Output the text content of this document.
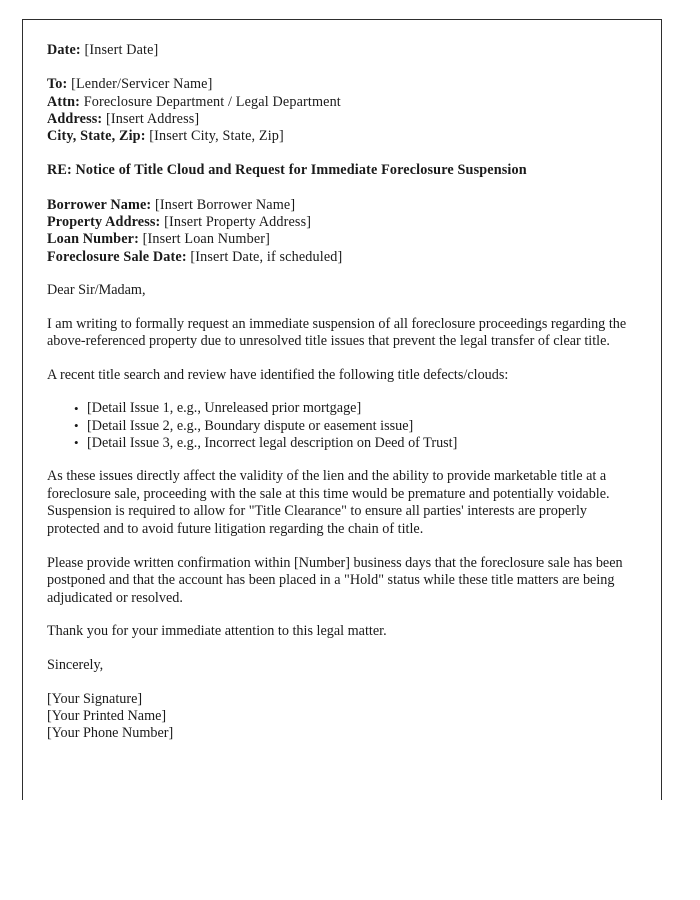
Date: [Insert Date]
To: [Lender/Servicer Name]
Attn: Foreclosure Department / Legal Department
Address: [Insert Address]
City, State, Zip: [Insert City, State, Zip]
RE: Notice of Title Cloud and Request for Immediate Foreclosure Suspension
Borrower Name: [Insert Borrower Name]
Property Address: [Insert Property Address]
Loan Number: [Insert Loan Number]
Foreclosure Sale Date: [Insert Date, if scheduled]

Dear Sir/Madam,

I am writing to formally request an immediate suspension of all foreclosure proceedings regarding the above-referenced property due to unresolved title issues that prevent the legal transfer of clear title.

A recent title search and review have identified the following title defects/clouds:

• [Detail Issue 1, e.g., Unreleased prior mortgage]
• [Detail Issue 2, e.g., Boundary dispute or easement issue]
• [Detail Issue 3, e.g., Incorrect legal description on Deed of Trust]

As these issues directly affect the validity of the lien and the ability to provide marketable title at a foreclosure sale, proceeding with the sale at this time would be premature and potentially voidable. Suspension is required to allow for "Title Clearance" to ensure all parties' interests are properly protected and to avoid future litigation regarding the chain of title.

Please provide written confirmation within [Number] business days that the foreclosure sale has been postponed and that the account has been placed in a "Hold" status while these title matters are being adjudicated or resolved.

Thank you for your immediate attention to this legal matter.

Sincerely,

[Your Signature]
[Your Printed Name]
[Your Phone Number]
